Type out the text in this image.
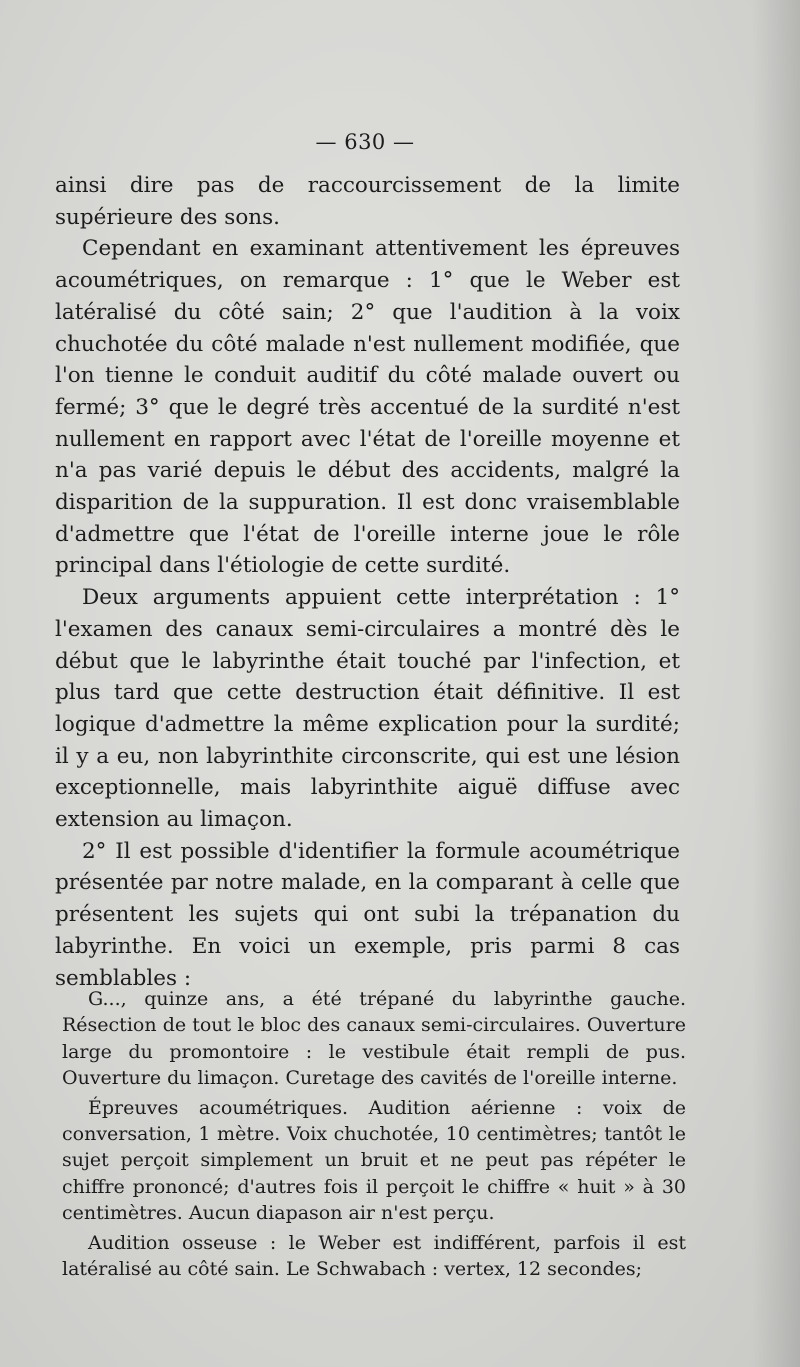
— 630 —

ainsi dire pas de raccourcissement de la limite supérieure des sons.

Cependant en examinant attentivement les épreuves acoumétriques, on remarque : 1° que le Weber est latéralisé du côté sain; 2° que l'audition à la voix chuchotée du côté malade n'est nullement modifiée, que l'on tienne le conduit auditif du côté malade ouvert ou fermé; 3° que le degré très accentué de la surdité n'est nullement en rapport avec l'état de l'oreille moyenne et n'a pas varié depuis le début des accidents, malgré la disparition de la suppuration. Il est donc vraisemblable d'admettre que l'état de l'oreille interne joue le rôle principal dans l'étiologie de cette surdité.

Deux arguments appuient cette interprétation : 1° l'examen des canaux semi-circulaires a montré dès le début que le labyrinthe était touché par l'infection, et plus tard que cette destruction était définitive. Il est logique d'admettre la même explication pour la surdité; il y a eu, non labyrinthite circonscrite, qui est une lésion exceptionnelle, mais labyrinthite aiguë diffuse avec extension au limaçon.

2° Il est possible d'identifier la formule acoumétrique présentée par notre malade, en la comparant à celle que présentent les sujets qui ont subi la trépanation du labyrinthe. En voici un exemple, pris parmi 8 cas semblables :

G..., quinze ans, a été trépané du labyrinthe gauche. Résection de tout le bloc des canaux semi-circulaires. Ouverture large du promontoire : le vestibule était rempli de pus. Ouverture du limaçon. Curetage des cavités de l'oreille interne.

Épreuves acoumétriques. Audition aérienne : voix de conversation, 1 mètre. Voix chuchotée, 10 centimètres; tantôt le sujet perçoit simplement un bruit et ne peut pas répéter le chiffre prononcé; d'autres fois il perçoit le chiffre « huit » à 30 centimètres. Aucun diapason air n'est perçu.

Audition osseuse : le Weber est indifférent, parfois il est latéralisé au côté sain. Le Schwabach : vertex, 12 secondes;
